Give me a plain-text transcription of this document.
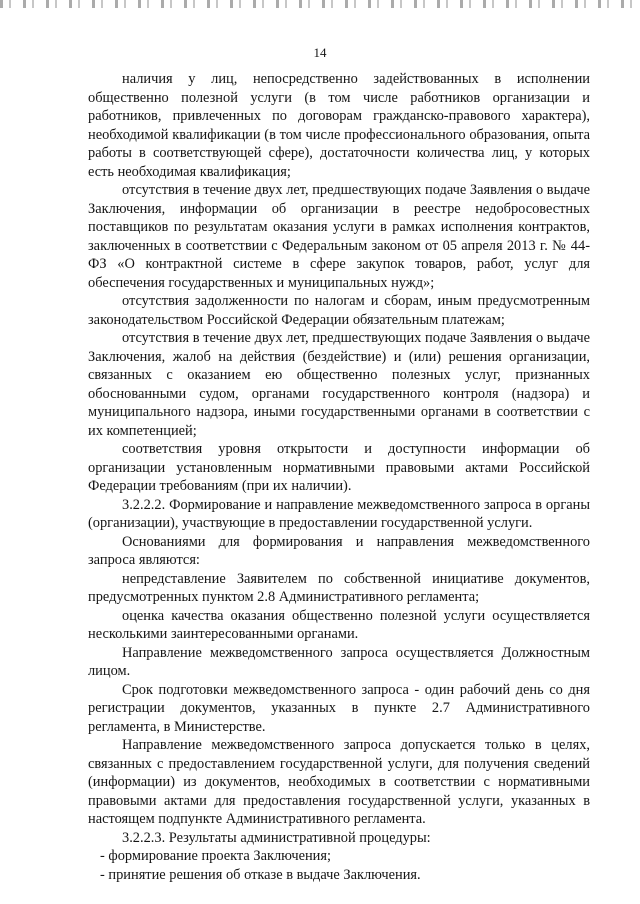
14

наличия у лиц, непосредственно задействованных в исполнении общественно полезной услуги (в том числе работников организации и работников, привлеченных по договорам гражданско-правового характера), необходимой квалификации (в том числе профессионального образования, опыта работы в соответствующей сфере), достаточности количества лиц, у которых есть необходимая квалификация;

отсутствия в течение двух лет, предшествующих подаче Заявления о выдаче Заключения, информации об организации в реестре недобросовестных поставщиков по результатам оказания услуги в рамках исполнения контрактов, заключенных в соответствии с Федеральным законом от 05 апреля 2013 г. № 44-ФЗ «О контрактной системе в сфере закупок товаров, работ, услуг для обеспечения государственных и муниципальных нужд»;

отсутствия задолженности по налогам и сборам, иным предусмотренным законодательством Российской Федерации обязательным платежам;

отсутствия в течение двух лет, предшествующих подаче Заявления о выдаче Заключения, жалоб на действия (бездействие) и (или) решения организации, связанных с оказанием ею общественно полезных услуг, признанных обоснованными судом, органами государственного контроля (надзора) и муниципального надзора, иными государственными органами в соответствии с их компетенцией;

соответствия уровня открытости и доступности информации об организации установленным нормативными правовыми актами Российской Федерации требованиям (при их наличии).

3.2.2.2. Формирование и направление межведомственного запроса в органы (организации), участвующие в предоставлении государственной услуги.

Основаниями для формирования и направления межведомственного запроса являются:

непредставление Заявителем по собственной инициативе документов, предусмотренных пунктом 2.8 Административного регламента;

оценка качества оказания общественно полезной услуги осуществляется несколькими заинтересованными органами.

Направление межведомственного запроса осуществляется Должностным лицом.

Срок подготовки межведомственного запроса - один рабочий день со дня регистрации документов, указанных в пункте 2.7 Административного регламента, в Министерстве.

Направление межведомственного запроса допускается только в целях, связанных с предоставлением государственной услуги, для получения сведений (информации) из документов, необходимых в соответствии с нормативными правовыми актами для предоставления государственной услуги, указанных в настоящем подпункте Административного регламента.

3.2.2.3. Результаты административной процедуры:

- формирование проекта Заключения;

- принятие решения об отказе в выдаче Заключения.
